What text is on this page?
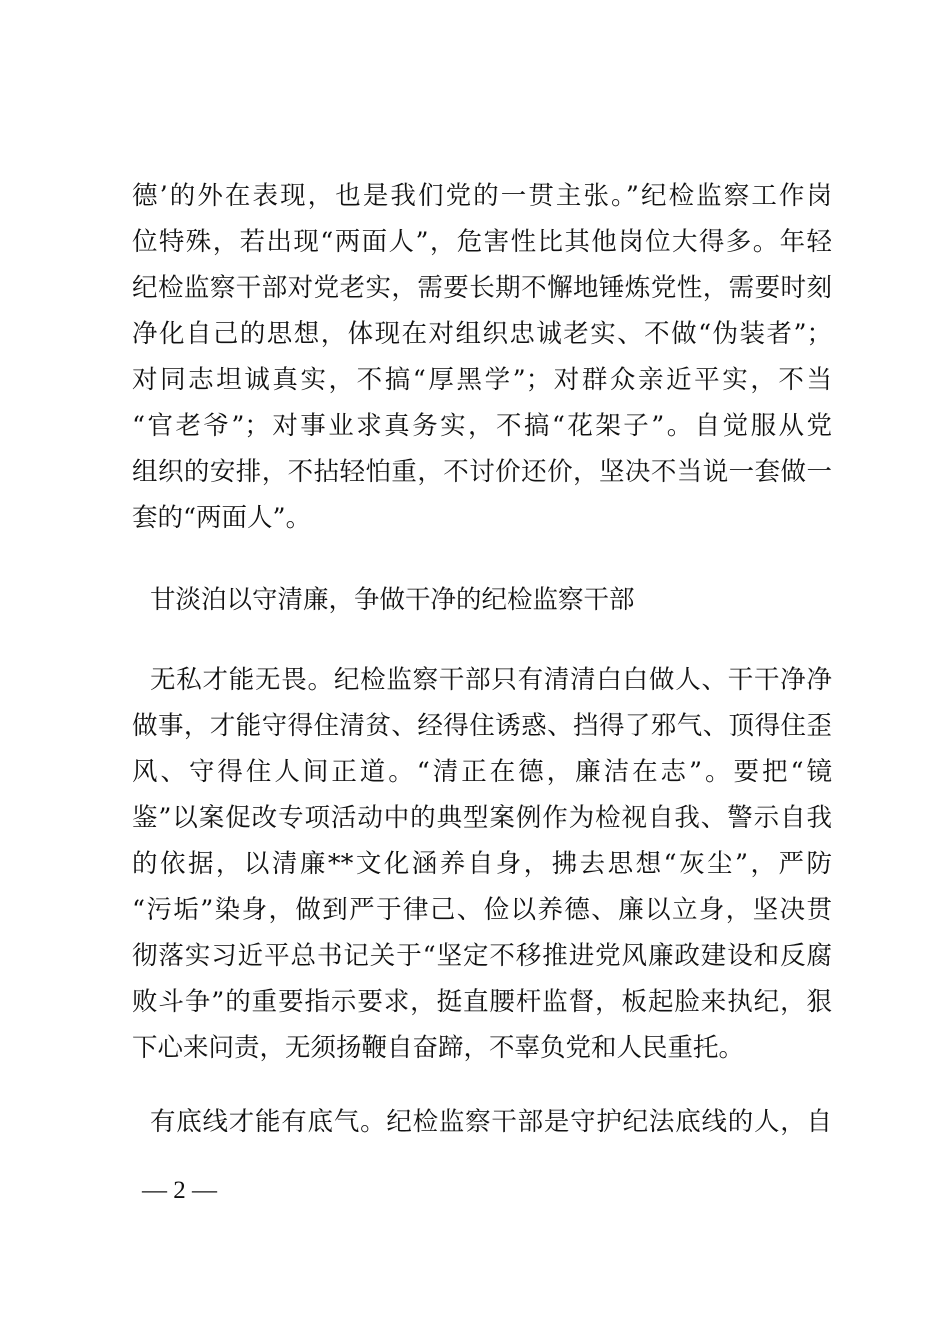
德’的外在表现，也是我们党的一贯主张。”纪检监察工作岗
位特殊，若出现“两面人”，危害性比其他岗位大得多。年轻
纪检监察干部对党老实，需要长期不懈地锤炼党性，需要时刻
净化自己的思想，体现在对组织忠诚老实、不做“伪装者”；
对同志坦诚真实，不搞“厚黑学”；对群众亲近平实，不当
“官老爷”；对事业求真务实，不搞“花架子”。自觉服从党
组织的安排，不拈轻怕重，不讨价还价，坚决不当说一套做一
套的“两面人”。
甘淡泊以守清廉，争做干净的纪检监察干部
无私才能无畏。纪检监察干部只有清清白白做人、干干净净
做事，才能守得住清贫、经得住诱惑、挡得了邪气、顶得住歪
风、守得住人间正道。“清正在德，廉洁在志”。要把“镜
鉴”以案促改专项活动中的典型案例作为检视自我、警示自我
的依据，以清廉**文化涵养自身，拂去思想“灰尘”，严防
“污垢”染身，做到严于律己、俭以养德、廉以立身，坚决贯
彻落实习近平总书记关于“坚定不移推进党风廉政建设和反腐
败斗争”的重要指示要求，挺直腰杆监督，板起脸来执纪，狠
下心来问责，无须扬鞭自奋蹄，不辜负党和人民重托。
有底线才能有底气。纪检监察干部是守护纪法底线的人，自
— 2 —
